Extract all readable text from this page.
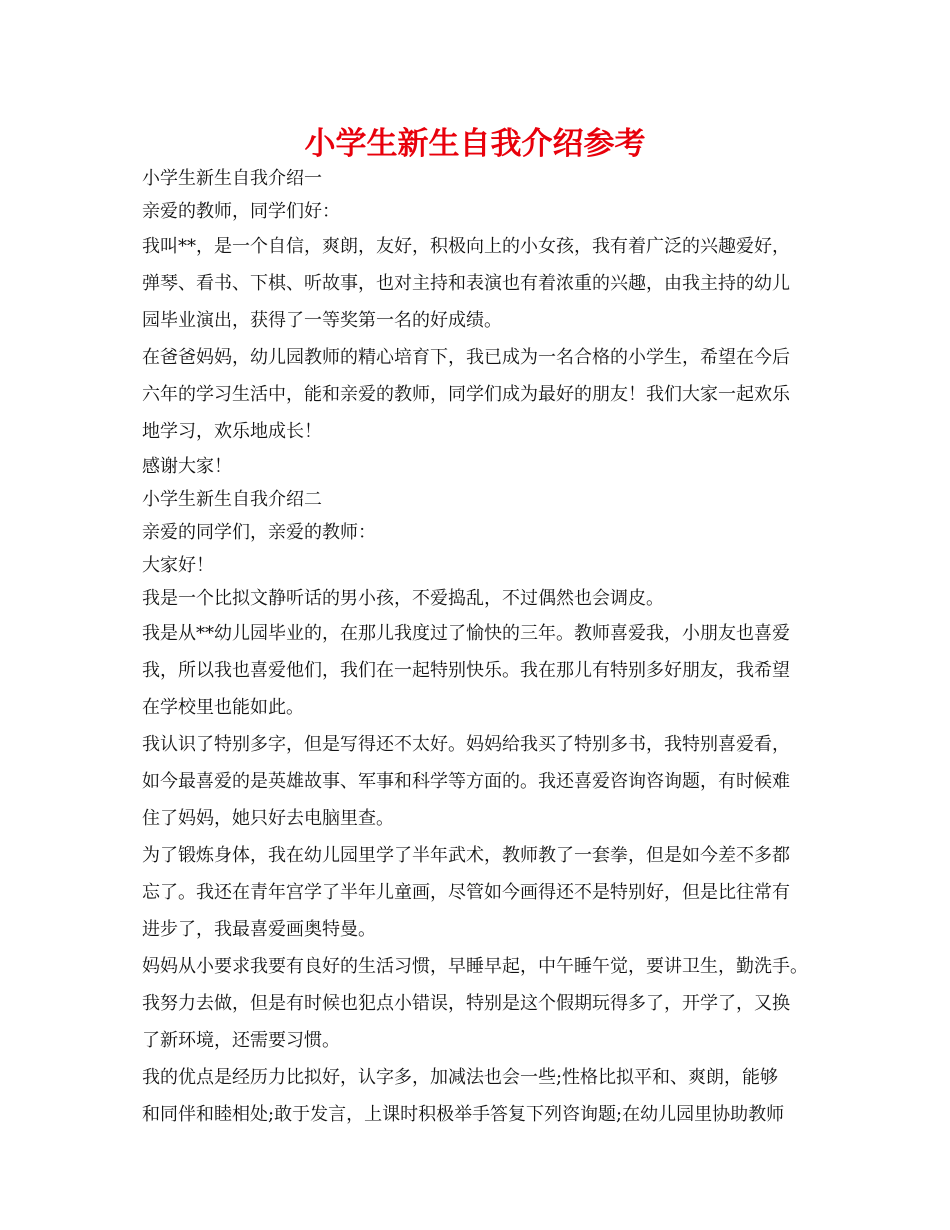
小学生新生自我介绍参考
小学生新生自我介绍一
亲爱的教师，同学们好：
我叫**，是一个自信，爽朗，友好，积极向上的小女孩，我有着广泛的兴趣爱好，
弹琴、看书、下棋、听故事，也对主持和表演也有着浓重的兴趣，由我主持的幼儿
园毕业演出，获得了一等奖第一名的好成绩。
在爸爸妈妈，幼儿园教师的精心培育下，我已成为一名合格的小学生，希望在今后
六年的学习生活中，能和亲爱的教师，同学们成为最好的朋友！我们大家一起欢乐
地学习，欢乐地成长！
感谢大家！
小学生新生自我介绍二
亲爱的同学们，亲爱的教师：
大家好！
我是一个比拟文静听话的男小孩，不爱捣乱，不过偶然也会调皮。
我是从**幼儿园毕业的，在那儿我度过了愉快的三年。教师喜爱我，小朋友也喜爱
我，所以我也喜爱他们，我们在一起特别快乐。我在那儿有特别多好朋友，我希望
在学校里也能如此。
我认识了特别多字，但是写得还不太好。妈妈给我买了特别多书，我特别喜爱看，
如今最喜爱的是英雄故事、军事和科学等方面的。我还喜爱咨询咨询题，有时候难
住了妈妈，她只好去电脑里查。
为了锻炼身体，我在幼儿园里学了半年武术，教师教了一套拳，但是如今差不多都
忘了。我还在青年宫学了半年儿童画，尽管如今画得还不是特别好，但是比往常有
进步了，我最喜爱画奥特曼。
妈妈从小要求我要有良好的生活习惯，早睡早起，中午睡午觉，要讲卫生，勤洗手。
我努力去做，但是有时候也犯点小错误，特别是这个假期玩得多了，开学了，又换
了新环境，还需要习惯。
我的优点是经历力比拟好，认字多，加减法也会一些;性格比拟平和、爽朗，能够
和同伴和睦相处;敢于发言，上课时积极举手答复下列咨询题;在幼儿园里协助教师
